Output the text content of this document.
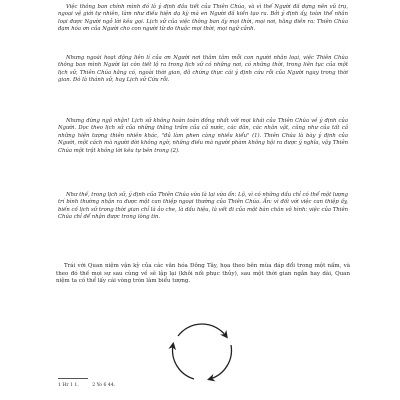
Việc thông ban chính mình đó là ý định đầu tiết của Thiên Chúa, và vì thế Người đã dựng nên vũ trụ, ngoại vệ giới tự nhiên, làm như điều hiện dạ kỳ mà en Người đã kiến tạo ra. Bởi ý định ấy, toàn thể nhân loại được Người ngỏ lời kêu gọi. Lịch sử của việc thông ban ấy mọi thời, mọi nơi, hằng điền ra: Thiên Chúa đạm hóa ơn của Người cho con người từ do thuộc mọi thời, mọi ngữ cảnh.

Nhưng ngoài hoạt động liên lí của ơn Người nơi thâm tâm mỗi con người nhân loại, việc Thiên Chúa thông ban mình Người lại còn tiết lộ ra trong lịch sử có những nơi, có những thời, trong liên tục của một lịch sử, Thiên Chúa hằng có, ngoài thời gian, đã chứng thực cái ý định cứu rỗi của Người ngay trong thời gian. Đó là thánh sử, hay Lịch sử Cứu rỗi.

Nhưng đừng ngộ nhận! Lịch sử không hoàn toàn đồng nhất với mọi khái của Thiên Chúa về ý định của Người. Dọc theo lịch sử của những thăng trầm của cả nước, các dân, các nhân vật, cũng như của tất cả những hiện tượng thiên nhiên khác, "đủ làm phen càng nhiều kiểu" (1). Thiên Chúa là bày ý định của Người, một cách mà người đời không ngờ, những điều mà người phàm không hội ra được ý nghĩa, vậy Thiên Chúa một trật không lời kêu tự bên trong (2).

Như thế, trong lịch sử, ý định của Thiên Chúa vừa là lại vừa ẩn: Lộ, vì có những dấu chỉ có thể một lượng trí bình thường nhận ra được một can thiệp ngoại thường của Thiên Chúa. Ẩn: vì đối với việc can thiệp ấy, biến cố lịch sử trong thời gian chỉ là ảo che, là dấu hiệu, là vết đi của một bàn chân vô hình: việc của Thiên Chúa chỉ để nhận được trong lòng tin.

Trái với Quan niệm vận kỳ của các văn hóa Đông Tây, họa theo bên mùa đáp đổi trong một nấm, và theo đó thế mọi sự sau cùng về sẽ lập lại (khôi nối phục thủy), sau một thời gian ngắn hay dài, Quan niệm ta có thể lấy cái vòng tròn làm biểu tượng.

1 Hr 1 1.	2 Yo 6 44.
